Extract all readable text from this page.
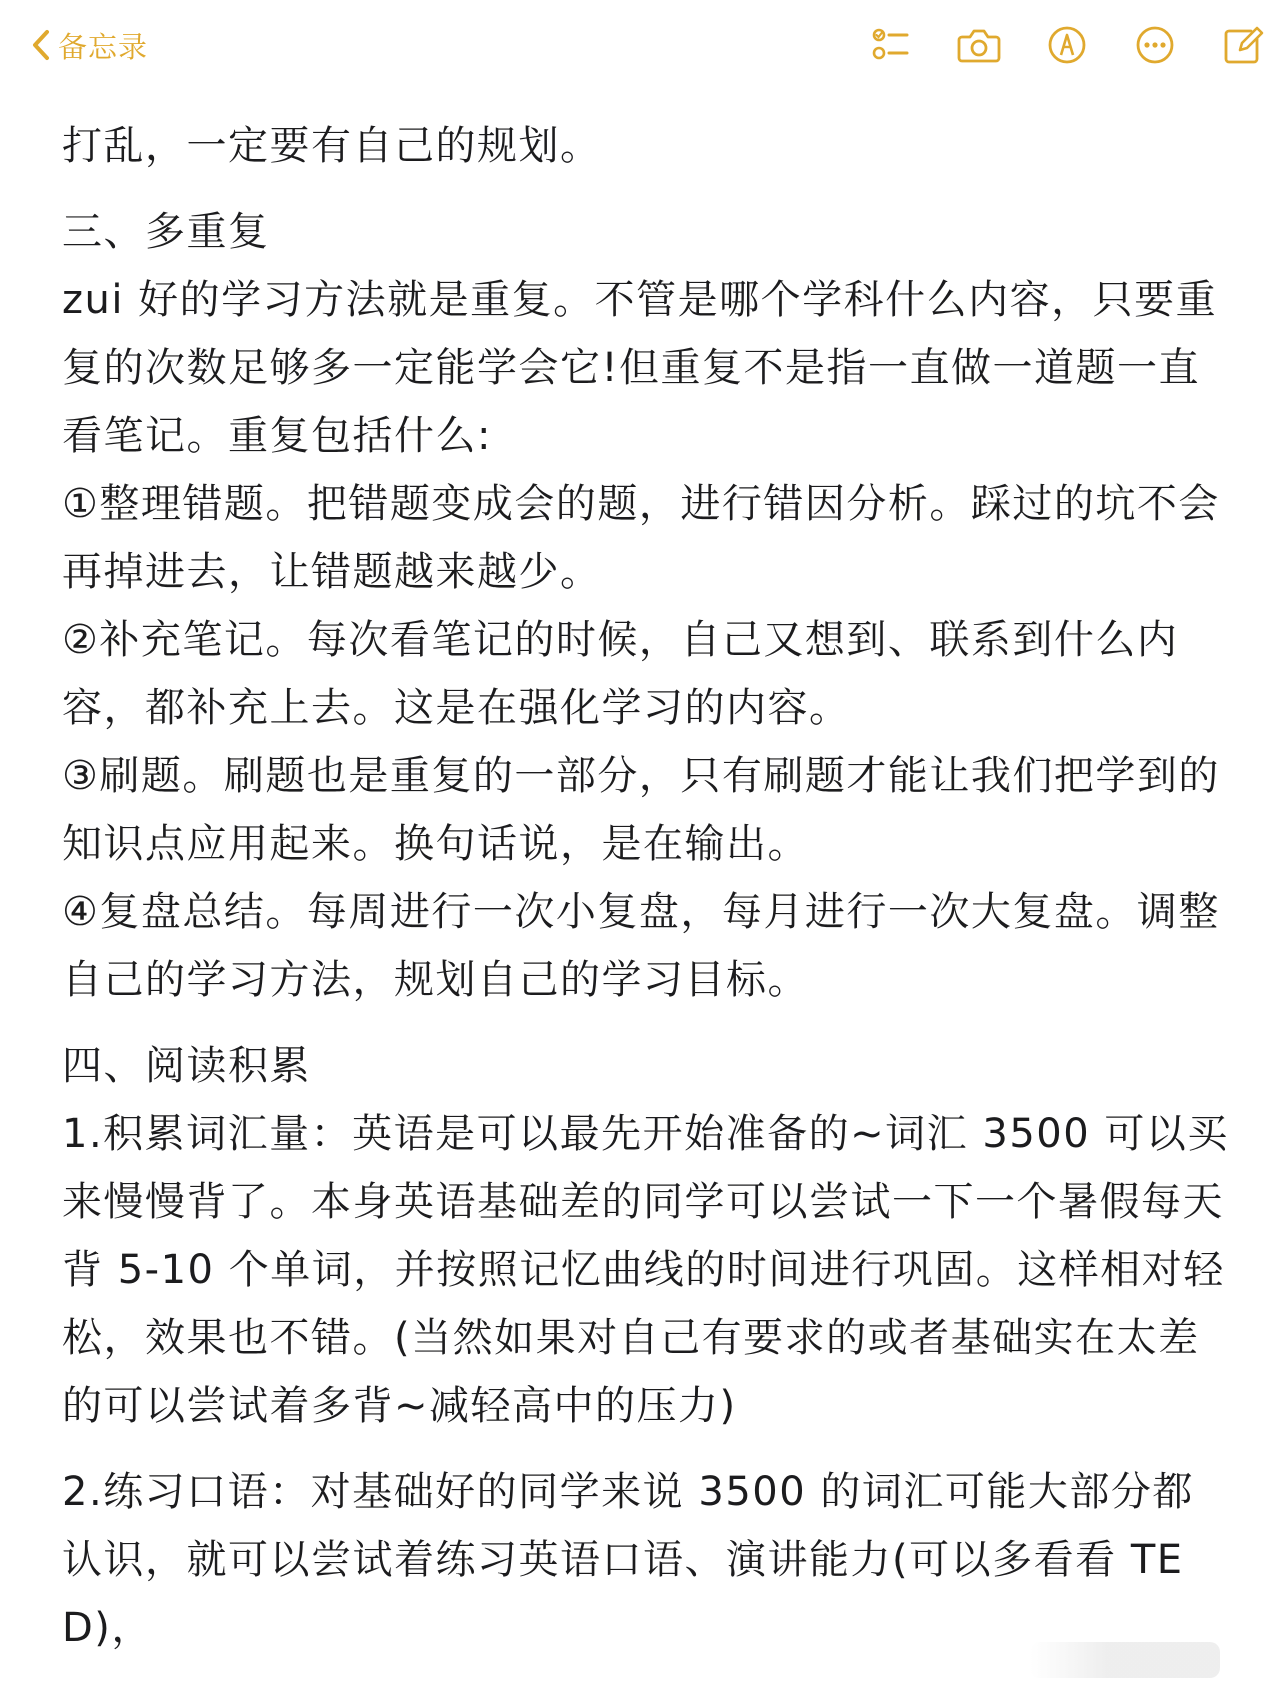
备忘录

打乱，一定要有自己的规划。

三、多重复

zui 好的学习方法就是重复。不管是哪个学科什么内容，只要重复的次数足够多一定能学会它!但重复不是指一直做一道题一直看笔记。重复包括什么:

①整理错题。把错题变成会的题，进行错因分析。踩过的坑不会再掉进去，让错题越来越少。

②补充笔记。每次看笔记的时候，自己又想到、联系到什么内容，都补充上去。这是在强化学习的内容。

③刷题。刷题也是重复的一部分，只有刷题才能让我们把学到的知识点应用起来。换句话说，是在输出。

④复盘总结。每周进行一次小复盘，每月进行一次大复盘。调整自己的学习方法，规划自己的学习目标。

四、阅读积累

1.积累词汇量：英语是可以最先开始准备的~词汇 3500 可以买来慢慢背了。本身英语基础差的同学可以尝试一下一个暑假每天背 5-10 个单词，并按照记忆曲线的时间进行巩固。这样相对轻松，效果也不错。(当然如果对自己有要求的或者基础实在太差的可以尝试着多背~减轻高中的压力)

2.练习口语：对基础好的同学来说 3500 的词汇可能大部分都认识，就可以尝试着练习英语口语、演讲能力(可以多看看 TED)，
